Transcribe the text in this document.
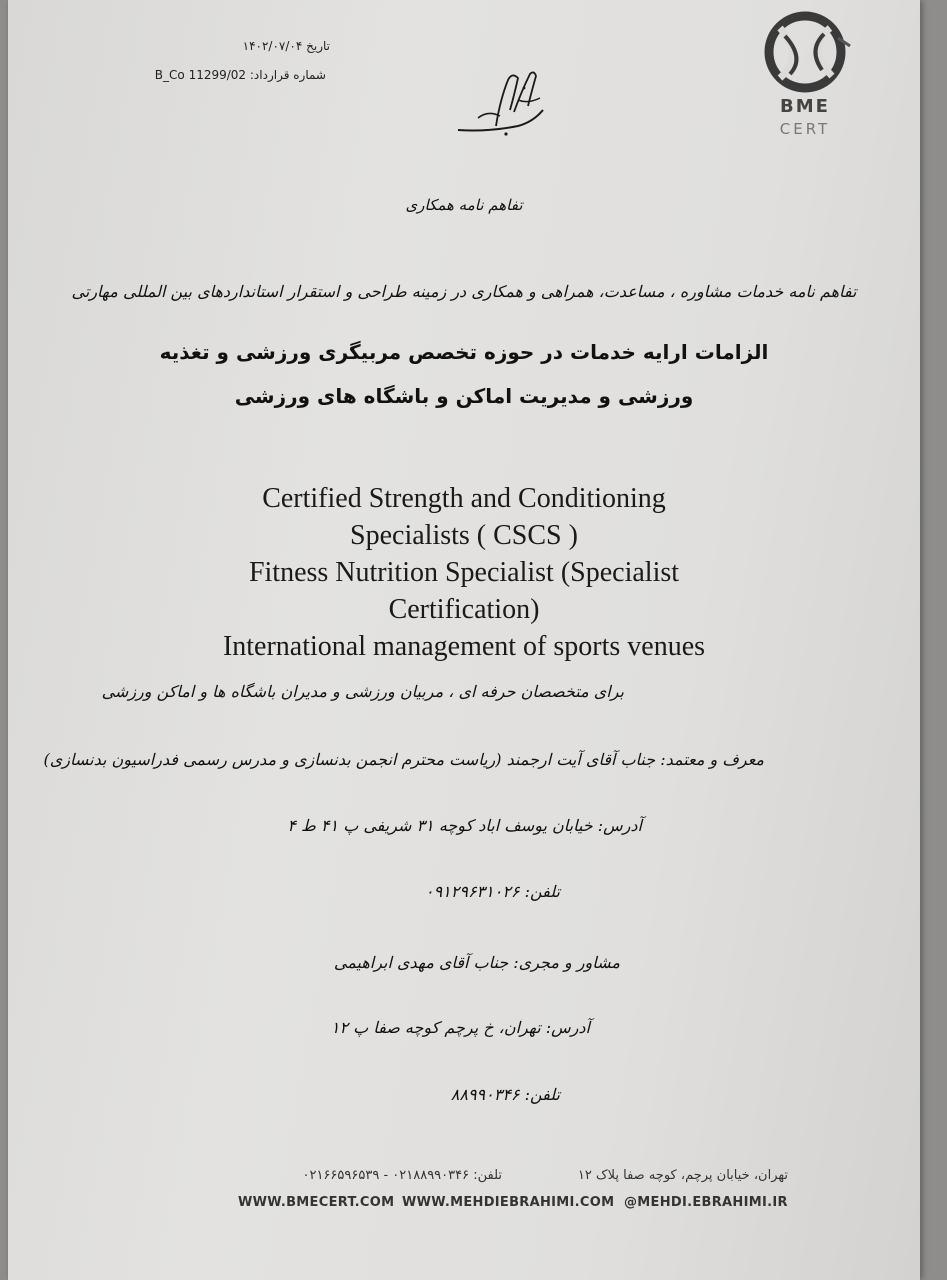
تاریخ ۱۴۰۲/۰۷/۰۴
شماره قرارداد: B_Co 11299/02
BME
CERT
تفاهم نامه همکاری
تفاهم نامه خدمات مشاوره ، مساعدت، همراهی و همکاری در زمینه طراحی و استقرار استانداردهای بین المللی مهارتی
الزامات ارایه خدمات در حوزه تخصص مربیگری ورزشی و تغذیه
ورزشی و مدیریت اماکن و باشگاه های ورزشی
Certified Strength and Conditioning
Specialists ( CSCS )
Fitness Nutrition Specialist (Specialist
Certification)
International management of sports venues
برای متخصصان حرفه ای ، مربیان ورزشی و مدیران باشگاه ها و اماکن ورزشی
معرف و معتمد: جناب آقای آیت ارجمند (ریاست محترم انجمن بدنسازی و مدرس رسمی فدراسیون بدنسازی)
آدرس: خیابان یوسف اباد کوچه ۳۱ شریفی پ ۴۱ ط ۴
تلفن: ۰۹۱۲۹۶۳۱۰۲۶
مشاور و مجری: جناب آقای مهدی ابراهیمی
آدرس: تهران، خ پرچم کوچه صفا پ ۱۲
تلفن: ۸۸۹۹۰۳۴۶
تهران، خیابان پرچم، کوچه صفا پلاک ۱۲
تلفن: ۰۲۱۸۸۹۹۰۳۴۶ - ۰۲۱۶۶۵۹۶۵۳۹
WWW.BMECERT.COM WWW.MEHDIEBRAHIMI.COM @MEHDI.EBRAHIMI.IR
